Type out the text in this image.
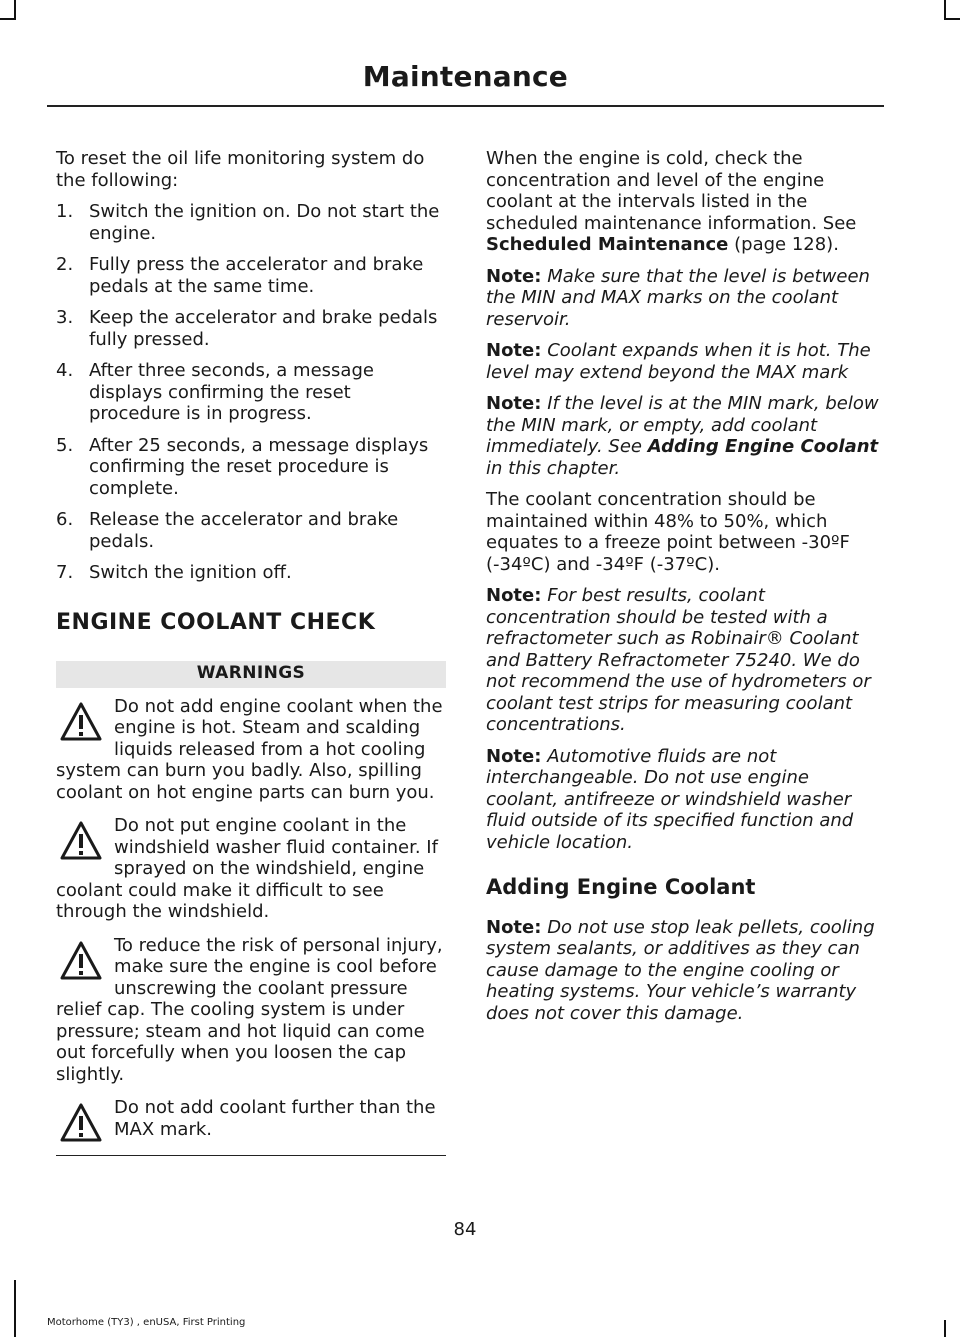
Maintenance

To reset the oil life monitoring system do the following:

1. Switch the ignition on. Do not start the engine.
2. Fully press the accelerator and brake pedals at the same time.
3. Keep the accelerator and brake pedals fully pressed.
4. After three seconds, a message displays confirming the reset procedure is in progress.
5. After 25 seconds, a message displays confirming the reset procedure is complete.
6. Release the accelerator and brake pedals.
7. Switch the ignition off.
ENGINE COOLANT CHECK
WARNINGS
Do not add engine coolant when the engine is hot. Steam and scalding liquids released from a hot cooling system can burn you badly. Also, spilling coolant on hot engine parts can burn you.
Do not put engine coolant in the windshield washer fluid container. If sprayed on the windshield, engine coolant could make it difficult to see through the windshield.
To reduce the risk of personal injury, make sure the engine is cool before unscrewing the coolant pressure relief cap. The cooling system is under pressure; steam and hot liquid can come out forcefully when you loosen the cap slightly.
Do not add coolant further than the MAX mark.

When the engine is cold, check the concentration and level of the engine coolant at the intervals listed in the scheduled maintenance information. See Scheduled Maintenance (page 128).

Note: Make sure that the level is between the MIN and MAX marks on the coolant reservoir.

Note: Coolant expands when it is hot. The level may extend beyond the MAX mark

Note: If the level is at the MIN mark, below the MIN mark, or empty, add coolant immediately. See Adding Engine Coolant in this chapter.

The coolant concentration should be maintained within 48% to 50%, which equates to a freeze point between -30ºF (-34ºC) and -34ºF (-37ºC).

Note: For best results, coolant concentration should be tested with a refractometer such as Robinair® Coolant and Battery Refractometer 75240. We do not recommend the use of hydrometers or coolant test strips for measuring coolant concentrations.

Note: Automotive fluids are not interchangeable. Do not use engine coolant, antifreeze or windshield washer fluid outside of its specified function and vehicle location.

Adding Engine Coolant

Note: Do not use stop leak pellets, cooling system sealants, or additives as they can cause damage to the engine cooling or heating systems. Your vehicle’s warranty does not cover this damage.

84
Motorhome (TY3) , enUSA, First Printing
